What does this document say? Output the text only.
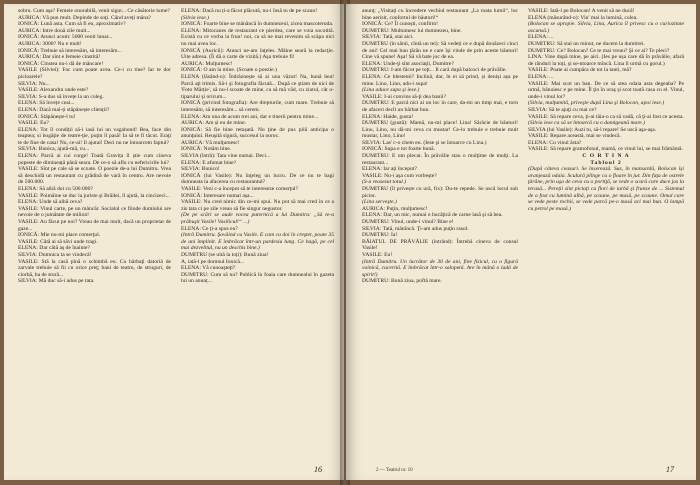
sobru. Cum aşa? Femeie onorabilă, venit sigur... Ce căsătorie lume?

AURICA: Vă pun mult. Depinde de soţi. Când aveţi mâna?

IONICĂ: Lună asta. Cum să fi eu, aproximativ?

AURICA: Intre două zile mult...

IONICĂ: Atunci acum: 5000 venit lunar...

AURICA: 3000? Nu e mult!

IONICĂ: Trebuie să interesăm, să interesăm...

AURICA: Dar sînt e femeie cinstită!

IONICĂ: Cinstea nu-i dă de mâncare!

VASILE (Silviei): Fac cum poate avea. Ce-i cu tine? Iar te dor picioarele?

SILVIA: Nu...

VASILE: Alexandru unde este?

SILVIA: S-a dus să învețe la un coleg.

ELENA: Să învețe ceai...

ELENA: Dacă mai-ți stăpânește clienții?

IONICĂ: Stăpânește-l tu!

VASILE: Eu?

ELENA: Tot îl condiții să-i iasă lui un vagabond! Bea, face din teaptea; si bogăţie de teatre-ţie, puţin îl pasă! Ia să te fi tăcut. Eraţi te de fine de casa! Nu, ce-ai! Il ajutai! Deci nu ne întoarcem faptul?

SILVIA: Bunica, ajută-mă, cu...

ELENA: Parcă ai cui curge! Toată Gravița îl știe cum cineva popeste de dimineață până seara. De ce-o să aflu cu nefericirile lui?

VASILE: Sînt pe cale să se scoate. O poezie de-a lui Dumitru. Vrea să deschidă un restaurant cu grădină de vară în centru. Are nevoie de 500.000.

ELENA: Să aibă doi cu 500.000?

VASILE: Poimâine se duc la juriste şi Brăilei, îl ajută, la cincizeci...

ELENA: Unde să aibă ceva?

VASILE: Vinul carte, pe un mâncăr. Socialul ce fiinde dumiului are nevoie de o jumătate de milion!

VASILE: Au făcut pe noi? Vreau de mai mult, dacă un proprietar de gaze...

IONICĂ: Mie nu-mi place comerţul.

VASILE: Câtă ai să săvi unde tragi.

ELENA: Dar câtă aş de înainte?

SILVIA: Dumnica ta se vindecă!

VASILE: Stă la casă pînă o schimbă eu. Cu bărbaţi datoriă de zarvale trebuie să fii cu orice preţ; bani de teatru, de struguri, de ciorbă, ba de stură...

SILVIA: Mă duc să-i adus pe tata.

ELENA: Dacă nu ți-a făcut plăcută, nu-i însă tu de pe scaun!

(Silvia iese.)

IONICĂ: Foarte bine se mănâncă în dumnezeul, zicea mascoteruda.

ELENA: Mitocanes de restaurant ce pierdea, care se voia socotită. Există cu ce vorba la frun! noi, ca să ne mai revenim să scăpa nici nu mai avea loc.

IONICĂ (Auricii): Atunci ne-am înţeles. Mâine seară la redacţie. Uite adresa. (Îi dă o carte de vizită.) Aşa trebuie fi!

AURICA: Mulţumesc!

IONICĂ: O am la mine. (Scoate o poezie.)

ELENA (lăsând-o): Îndrăznește să ai una văzut! Na, bună bea! Parcă aţi trimis. Să-i şi fotografia făcută... După ce ştiam de nici de 'Foto Mărție', să nu-l scoate de mine, ca să mă văd, cu ziarul, cât o-tiparului şi oricum...

IONICĂ (privind fotografia): Are drepturile, cum mare. Trebuie să interesăm, să interesăm... să cerem.

ELENA: Am una de acum trei ani, dar e tinerii pentru mine...

AURICA: Am și eu de mine.

IONICĂ: Să fie bine retușată. Nu ţine de pus pilă anticipa o anunţului. Reuşită sigură, succesul la noroc.

AURICA: Vă mulţumesc!

IONICĂ: Notăm bine.

SILVIA (întră): Tata vine numai. Deci...

ELENA: E afumat bine?

SILVIA: Bunico!

IONICĂ (lui Vasile): Nu înţeleg un lucru. De ce nu te bagi dumneata la afacerea cu restaurantul?

VASILE: Vezi c-a început să te intereseze comerţul?

IONICĂ: Interesare numai așa...

VASILE: Nu cred nimic din ce-mi spui. Nu pot să mai cred în ce a zis tata ci pe zile vreau să fie singur negustor.

(De pe scări se aude vocea puternică a lui Dumitru: „Să te-a prăbuşit Vasile! Vasilicul!“ ...)

ELENA: Ce ţi-a spus eu?

(Intră Dumitru. Şovăind cu Vasile. E cam cu doi în creştet, poate 35 de ani împlinit. E îmbrăcat într-un pardesiu lung. Ce bagă, pe cel mai dezvelitul, nu un deschis bine.)

DUMITRU (se uită la toți): Bună ziua!

A, iată-l pe domnul Ionică...

ELENA: Vă cunoaşteţi?

DUMITRU: Cum să nu? Publică în foaia care dumnealui în gazeta lui un anunț...

16

anunţ: „Visitați cu încredere vechiul restaurant „La roata lumii“, loc bine aerisit, confortul de băuturi!“

IONICĂ: Ce? Îl cunoști, confirm!

DUMITRU: Multumesc lui dumnezeu, bine.

SILVIA: Tată, stai aici.

DUMITRU (în sănii, cîntă un tei): Să vedeți ce e după douăzeci cinci de ani! Cel mai bun ţărăn ne e care își vinde de prin aceste băuturi! Cine vă spune! Aşa! Să vă bate joc de ea.

ELENA: Unde-ţi sînt asociaţii, Dumitre?

DUMITRU: I-am făcut pe toţi... Il cară după balcoci de prăvălie.

ELENA: Ce blestemi? Inclină, dar, în ei să prind, și deniși așa pe mine. Lino, Lino, adu-i supa!

(Lina aduce supa şi iese.)

VASILE: I-ai convins să-ţi dea banii?

DUMITRU: E parcă nici ai un loc în care, da-mi un timp mai, e torn de afaceri decît un bărbat bun.

ELENA: Haide, gusta!

DUMITRU (gustă): Mamă, nu-mi place! Lina! Sărăcie de băuturi! Lino, Lino, nu dă-mi ceva cu mustar! Ce-lo trebuie e trebuie mult mustar, Lino, Lino!

SILVIA: Las' c-o chem eu. (Iese şi se întoarce cu Lina.)

IONICĂ: Supa e tot foarte bună.

DUMITRU: E om plecat. În prăvălie stau o mulţime de mulţi. La restaurant...

ELENA: Iar ați început?

VASILE: Nu-i aşa cum vorbeşte?

(S-a reasezat totul.)

DUMITRU (îl privește cu ură, fix): Du-te repede. Se uscă locul sub picior.

(Lina serveşte.)

AURICA: Puţin, mulţumesc!

ELENA: Dar, un mic, numai o bucăţică de carne lasă şi să bea.

DUMITRU: Vinul, unde-i vinul? Bine e!

SILVIA: Tată, mănîncă. Ţi-am adus puţin rasol.

DUMITRU: Ia!

BĂIATUL DE PRĂVĂLIE (intrând): Întrebă cineva de consul Vasile!

VASILE: Eu!

(Intră Dumitru. Un lucrător de 30 de ani, fine fizicul, cu o figură voinică, cucerită. E îmbrăcat într-o salopetă. Are în mână o ladă de spirit!)

DUMITRU: Bună ziua, poftă mare.

VASILE: Iată-l pe Bolocan! A venit să ne ducă!

ELENA (măsurând-o): Vin' mai la lumină, colea.

(Bolocan se apropie. Silvia, Lina, Aurica îl privesc cu o curiozitate ascunsă.)

ELENA: ...

DUMITRU: Să stai un minut, ne ducem la dumitrei.

DUMITRU: Ce? Bolocan? Ce te mai vreau? Şi ce ai? Te pleci?

LINA: Vine după mine, pe aici. (Ies pe ușa care dă în prăvălie, afară de rânduri la toți, şi se-ntoarce mîncă. Lina îl urmă cu gorul.)

VASILE: Poate ai cumpăra de tot la tanti, mă?

ELENA: ...

VASILE: Mai scot un ban. De ce să stea odaia asta degeaba? Pe urmă, bănuiesc e pe mine. Îl ţin în oraş şi scot toată casa cu el. Vinul, unde-i vinul lor?

(Silvia, mulţumită, priveşte după Lina şi Bolocan, apoi iese.)

SILVIA: Să te ajuţi cu mai ce?

VASILE: Să repare ceva, ţi-ai tăia-o ca să vadă, că ţi-ai fost ce acesta.

(Silvia iese ca să se întoarcă cu o damigeană mare.)

SILVIA (lui Vasile): Auzi tu, să-l repare! Se uscă aşa-aşa.

VASILE: Repare această, mai se vindecă.

ELENA: Cu vinul ăsta?

VASILE: Să repare gramofonul, mamă, ce vinul lui, se mai frământă.

C O R T I N A

Tabloul 2

(După câteva ceasuri. Se înserează. Sus, în mansardă, Bolocan își aranjează odaia. Sculură plînge ca o floare în jur. Din faţa de ostrele ţărăne, prin uşa de ceva cu o portiţă, se vede o scară care duce jos la terasă... Pereţii sînt pictaţi cu flori de iarbă şi frunze de ... Sistemul de a fost cu lumină albă, pe scaune, pe masă, pe scaune. Omul care se vede peste rochii, se vede parcă pe-o masă aci mai bun. O lampă cu petrol pe masă.)

2 — Teatrul nr. 10	17
